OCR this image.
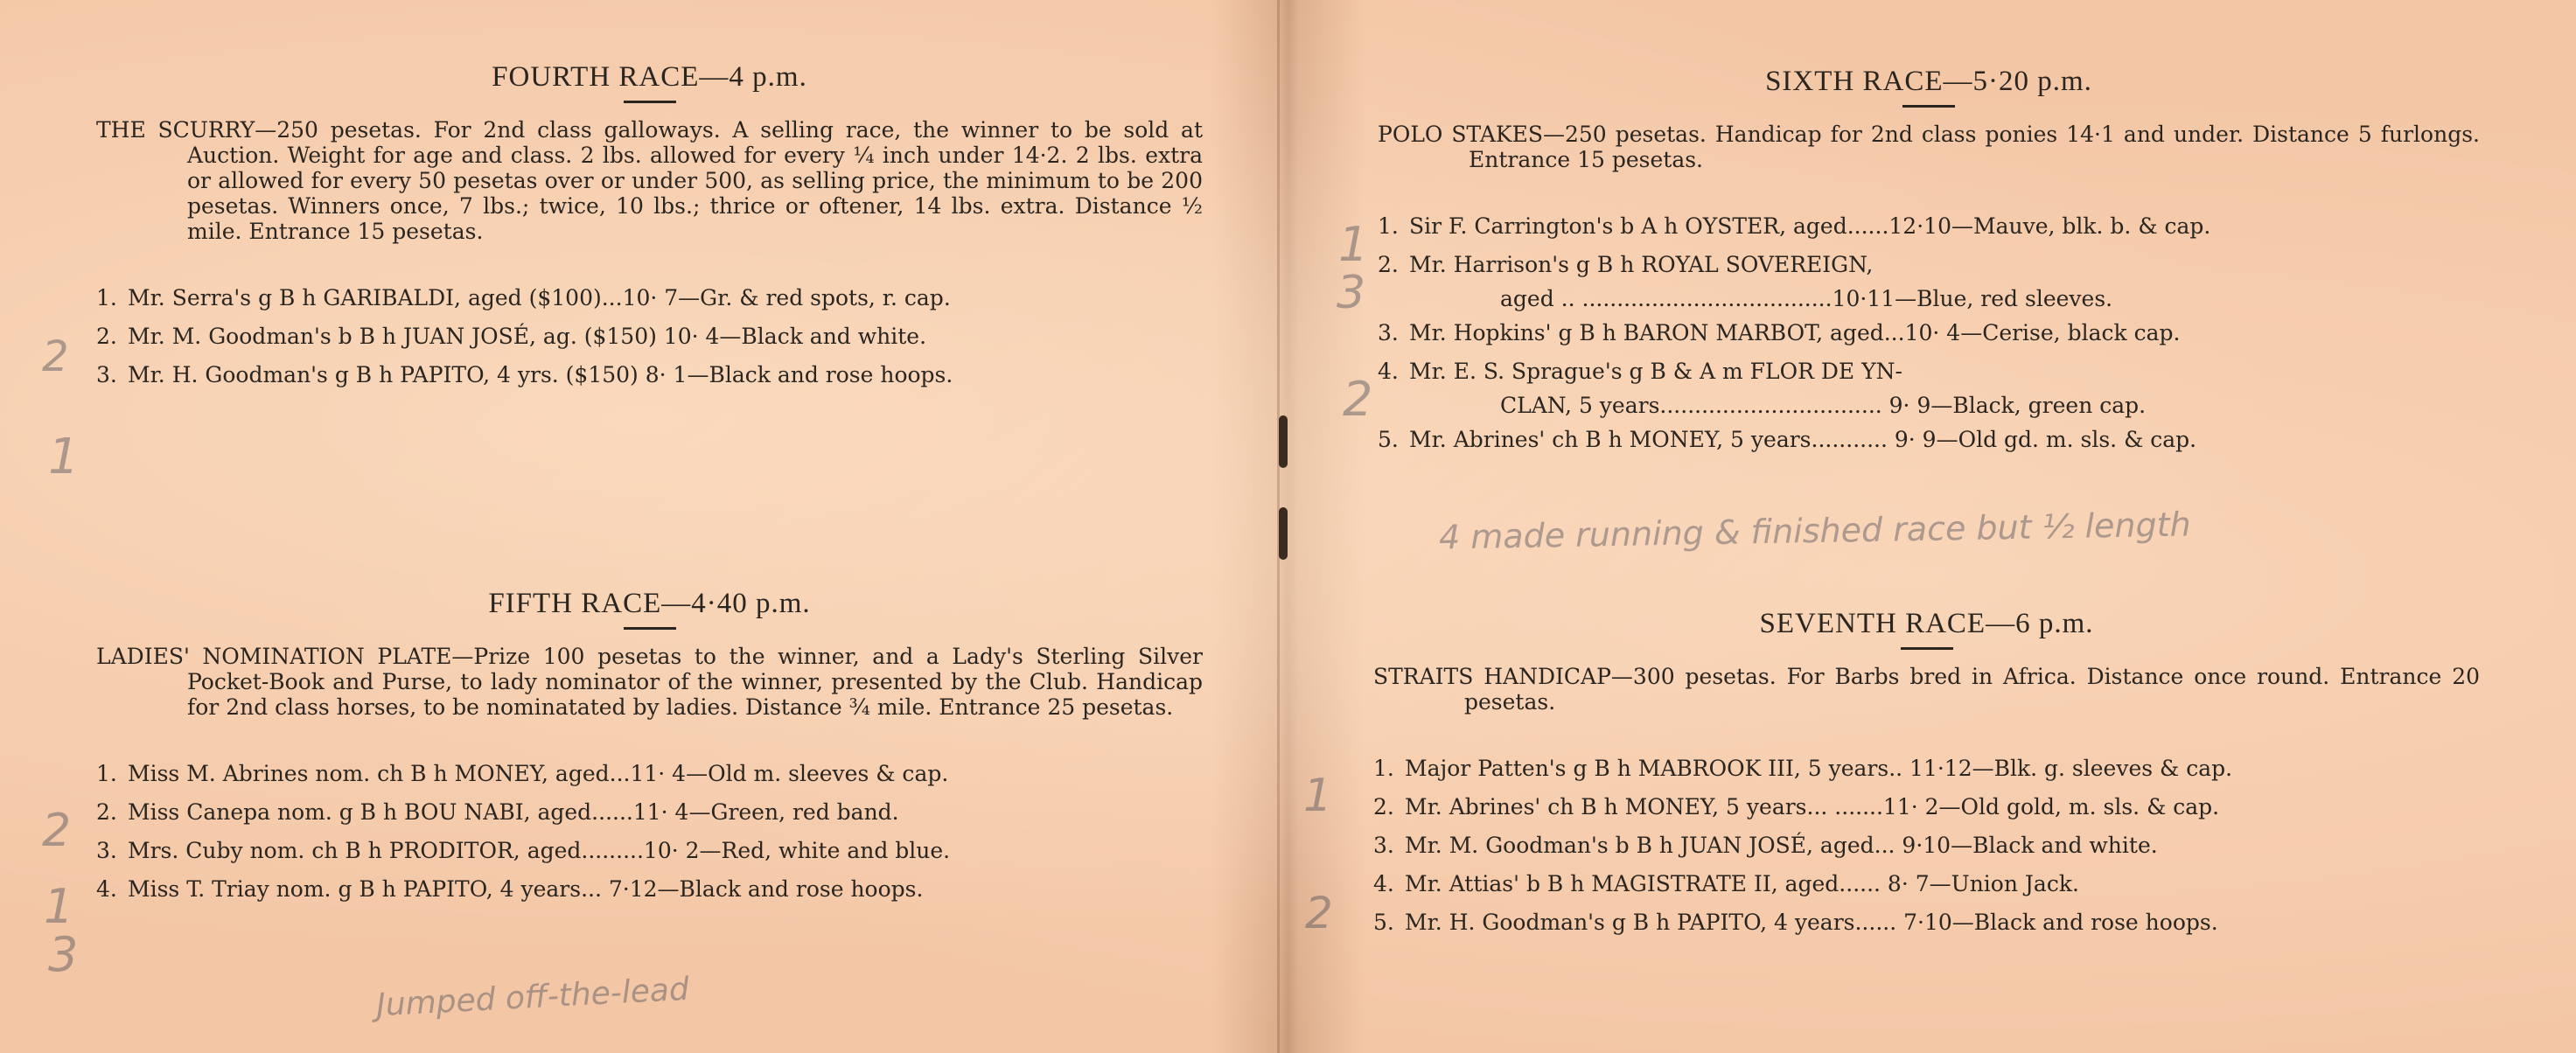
FOURTH RACE—4 p.m.

THE SCURRY—250 pesetas. For 2nd class galloways. A selling race, the winner to be sold at Auction. Weight for age and class. 2 lbs. allowed for every ¼ inch under 14·2. 2 lbs. extra or allowed for every 50 pesetas over or under 500, as selling price, the minimum to be 200 pesetas. Winners once, 7 lbs.; twice, 10 lbs.; thrice or oftener, 14 lbs. extra. Distance ½ mile. Entrance 15 pesetas.

1. Mr. Serra's g B h GARIBALDI, aged ($100)...10· 7—Gr. & red spots, r. cap.
2. Mr. M. Goodman's b B h JUAN JOSÉ, ag. ($150) 10· 4—Black and white.
3. Mr. H. Goodman's g B h PAPITO, 4 yrs. ($150) 8· 1—Black and rose hoops.
FIFTH RACE—4·40 p.m.

LADIES' NOMINATION PLATE—Prize 100 pesetas to the winner, and a Lady's Sterling Silver Pocket-Book and Purse, to lady nominator of the winner, presented by the Club. Handicap for 2nd class horses, to be nominatated by ladies. Distance ¾ mile. Entrance 25 pesetas.

1. Miss M. Abrines nom. ch B h MONEY, aged...11· 4—Old m. sleeves & cap.
2. Miss Canepa nom. g B h BOU NABI, aged......11· 4—Green, red band.
3. Mrs. Cuby nom. ch B h PRODITOR, aged.........10· 2—Red, white and blue.
4. Miss T. Triay nom. g B h PAPITO, 4 years... 7·12—Black and rose hoops.
SIXTH RACE—5·20 p.m.

POLO STAKES—250 pesetas. Handicap for 2nd class ponies 14·1 and under. Distance 5 furlongs. Entrance 15 pesetas.

1. Sir F. Carrington's b A h OYSTER, aged......12·10—Mauve, blk. b. & cap.
2. Mr. Harrison's g B h ROYAL SOVEREIGN,
aged .. ....................................10·11—Blue, red sleeves.
3. Mr. Hopkins' g B h BARON MARBOT, aged...10· 4—Cerise, black cap.
4. Mr. E. S. Sprague's g B & A m FLOR DE YN-
CLAN, 5 years................................ 9· 9—Black, green cap.
5. Mr. Abrines' ch B h MONEY, 5 years........... 9· 9—Old gd. m. sls. & cap.
SEVENTH RACE—6 p.m.

STRAITS HANDICAP—300 pesetas. For Barbs bred in Africa. Distance once round. Entrance 20 pesetas.

1. Major Patten's g B h MABROOK III, 5 years.. 11·12—Blk. g. sleeves & cap.
2. Mr. Abrines' ch B h MONEY, 5 years... .......11· 2—Old gold, m. sls. & cap.
3. Mr. M. Goodman's b B h JUAN JOSÉ, aged... 9·10—Black and white.
4. Mr. Attias' b B h MAGISTRATE II, aged...... 8· 7—Union Jack.
5. Mr. H. Goodman's g B h PAPITO, 4 years...... 7·10—Black and rose hoops.
2
1
2
1
3
Jumped off-the-lead
1
3
2
4 made running & finished race but ½ length
1
2
